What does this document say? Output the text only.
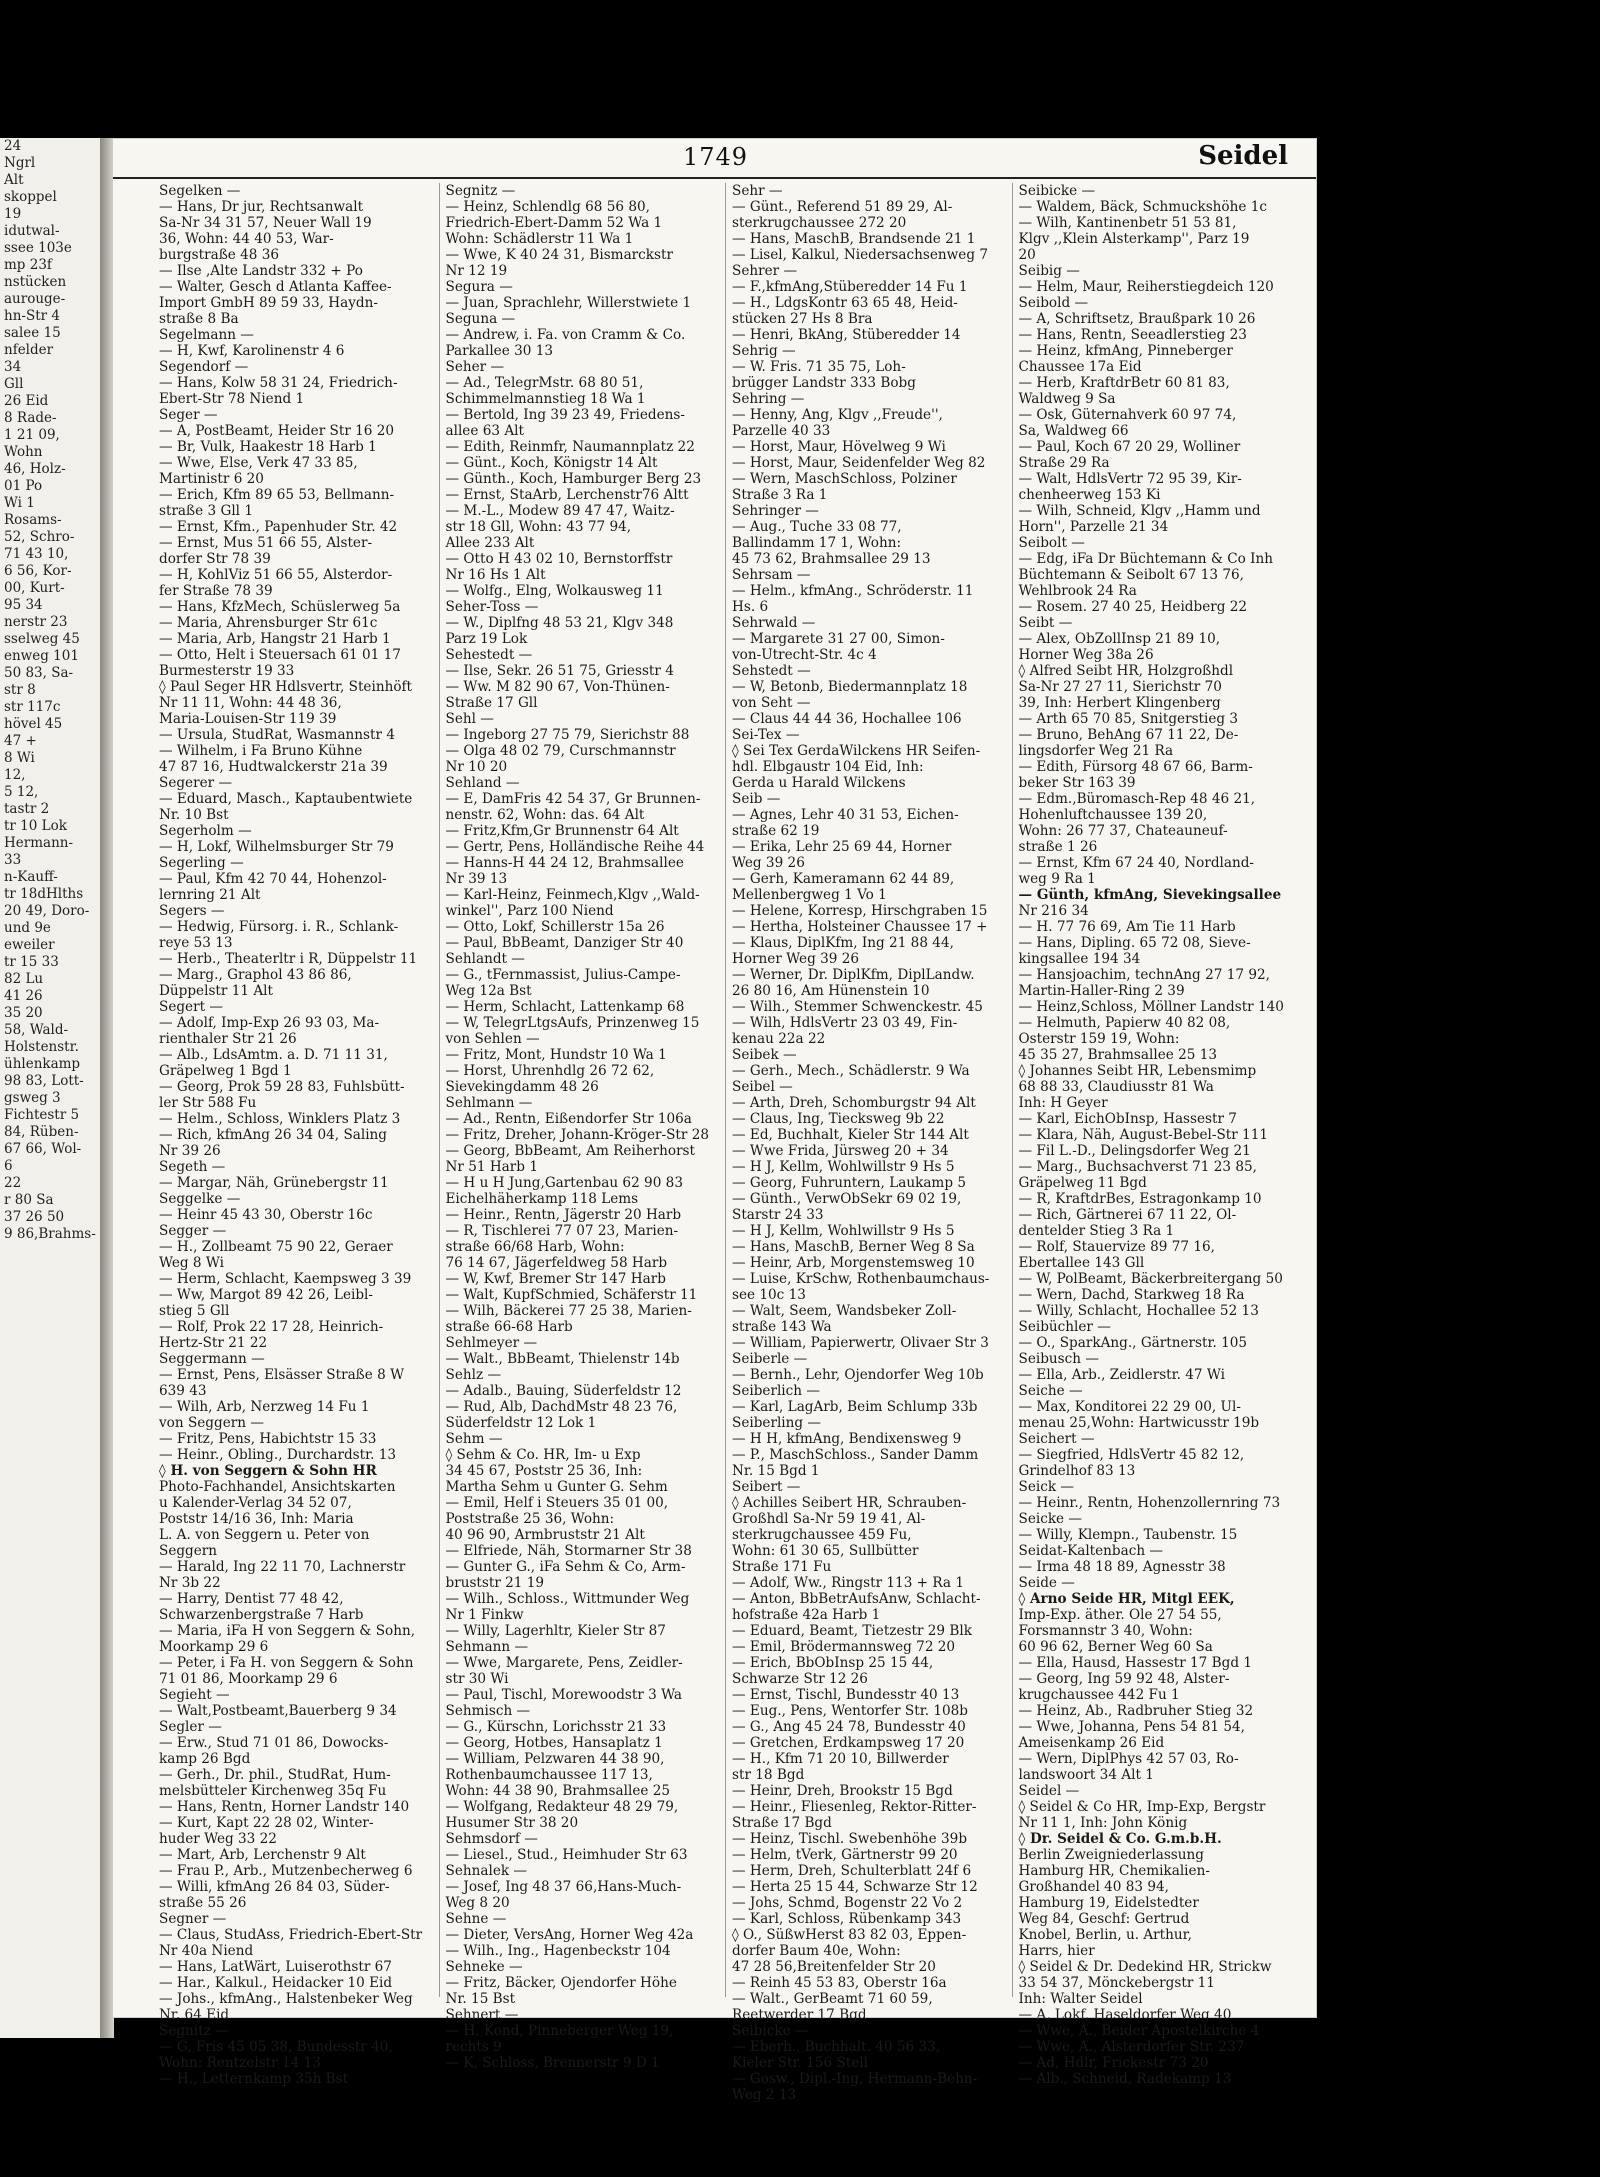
24
Ngrl
Alt
skoppel
19
idutwal-
ssee 103e
mp 23f
nstücken
aurouge-
hn-Str 4
salee 15
nfelder
34
Gll
26 Eid
8 Rade-
1 21 09,
Wohn
46, Holz-
01 Po
Wi 1
Rosams-
52, Schro-
71 43 10,
6 56, Kor-
00, Kurt-
95 34
nerstr 23
sselweg 45
enweg 101
50 83, Sa-
str 8
str 117c
hövel 45
47 +
8 Wi
12,
5 12,
tastr 2
tr 10 Lok
Hermann-
33
n-Kauff-
tr 18dHlths
20 49, Doro-
und 9e
eweiler
tr 15 33
82 Lu
41 26
35 20
58, Wald-
Holstenstr.
ühlenkamp
98 83, Lott-
gsweg 3
Fichtestr 5
84, Rüben-
67 66, Wol-
6
22
r 80 Sa
37 26 50
9 86,Brahms-
1749	Seidel
Segelken —
— Hans, Dr jur, Rechtsanwalt
Sa-Nr 34 31 57, Neuer Wall 19
36, Wohn: 44 40 53, War-
burgstraße 48 36
— Ilse ,Alte Landstr 332 + Po
— Walter, Gesch d Atlanta Kaffee-
Import GmbH 89 59 33, Haydn-
straße 8 Ba
Segelmann —
— H, Kwf, Karolinenstr 4 6
Segendorf —
— Hans, Kolw 58 31 24, Friedrich-
Ebert-Str 78 Niend 1
Seger —
— A, PostBeamt, Heider Str 16 20
— Br, Vulk, Haakestr 18 Harb 1
— Wwe, Else, Verk 47 33 85,
Martinistr 6 20
— Erich, Kfm 89 65 53, Bellmann-
straße 3 Gll 1
— Ernst, Kfm., Papenhuder Str. 42
— Ernst, Mus 51 66 55, Alster-
dorfer Str 78 39
— H, KohlViz 51 66 55, Alsterdor-
fer Straße 78 39
— Hans, KfzMech, Schüslerweg 5a
— Maria, Ahrensburger Str 61c
— Maria, Arb, Hangstr 21 Harb 1
— Otto, Helt i Steuersach 61 01 17
Burmesterstr 19 33
◊ Paul Seger HR Hdlsvertr, Steinhöft
Nr 11 11, Wohn: 44 48 36,
Maria-Louisen-Str 119 39
— Ursula, StudRat, Wasmannstr 4
— Wilhelm, i Fa Bruno Kühne
47 87 16, Hudtwalckerstr 21a 39
Segerer —
— Eduard, Masch., Kaptaubentwiete
Nr. 10 Bst
Segerholm —
— H, Lokf, Wilhelmsburger Str 79
Segerling —
— Paul, Kfm 42 70 44, Hohenzol-
lernring 21 Alt
Segers —
— Hedwig, Fürsorg. i. R., Schlank-
reye 53 13
— Herb., Theaterltr i R, Düppelstr 11
— Marg., Graphol 43 86 86,
Düppelstr 11 Alt
Segert —
— Adolf, Imp-Exp 26 93 03, Ma-
rienthaler Str 21 26
— Alb., LdsAmtm. a. D. 71 11 31,
Gräpelweg 1 Bgd 1
— Georg, Prok 59 28 83, Fuhlsbütt-
ler Str 588 Fu
— Helm., Schloss, Winklers Platz 3
— Rich, kfmAng 26 34 04, Saling
Nr 39 26
Segeth —
— Margar, Näh, Grünebergstr 11
Seggelke —
— Heinr 45 43 30, Oberstr 16c
Segger —
— H., Zollbeamt 75 90 22, Geraer
Weg 8 Wi
— Herm, Schlacht, Kaempsweg 3 39
— Ww, Margot 89 42 26, Leibl-
stieg 5 Gll
— Rolf, Prok 22 17 28, Heinrich-
Hertz-Str 21 22
Seggermann —
— Ernst, Pens, Elsässer Straße 8 W
639 43
— Wilh, Arb, Nerzweg 14 Fu 1
von Seggern —
— Fritz, Pens, Habichtstr 15 33
— Heinr., Obling., Durchardstr. 13
◊ H. von Seggern & Sohn HR
Photo-Fachhandel, Ansichtskarten
u Kalender-Verlag 34 52 07,
Poststr 14/16 36, Inh: Maria
L. A. von Seggern u. Peter von
Seggern
— Harald, Ing 22 11 70, Lachnerstr
Nr 3b 22
— Harry, Dentist 77 48 42,
Schwarzenbergstraße 7 Harb
— Maria, iFa H von Seggern & Sohn,
Moorkamp 29 6
— Peter, i Fa H. von Seggern & Sohn
71 01 86, Moorkamp 29 6
Segieht —
— Walt,Postbeamt,Bauerberg 9 34
Segler —
— Erw., Stud 71 01 86, Dowocks-
kamp 26 Bgd
— Gerh., Dr. phil., StudRat, Hum-
melsbütteler Kirchenweg 35q Fu
— Hans, Rentn, Horner Landstr 140
— Kurt, Kapt 22 28 02, Winter-
huder Weg 33 22
— Mart, Arb, Lerchenstr 9 Alt
— Frau P., Arb., Mutzenbecherweg 6
— Willi, kfmAng 26 84 03, Süder-
straße 55 26
Segner —
— Claus, StudAss, Friedrich-Ebert-Str
Nr 40a Niend
— Hans, LatWärt, Luiserothstr 67
— Har., Kalkul., Heidacker 10 Eid
— Johs., kfmAng., Halstenbeker Weg
Nr. 64 Eid
Segnitz —
— G, Fris 45 05 38, Bundesstr 40,
Wohn: Rentzelstr 14 13
— H., Letternkamp 35h Bst
Segnitz —
— Heinz, Schlendlg 68 56 80,
Friedrich-Ebert-Damm 52 Wa 1
Wohn: Schädlerstr 11 Wa 1
— Wwe, K 40 24 31, Bismarckstr
Nr 12 19
Segura —
— Juan, Sprachlehr, Willerstwiete 1
Seguna —
— Andrew, i. Fa. von Cramm & Co.
Parkallee 30 13
Seher —
— Ad., TelegrMstr. 68 80 51,
Schimmelmannstieg 18 Wa 1
— Bertold, Ing 39 23 49, Friedens-
allee 63 Alt
— Edith, Reinmfr, Naumannplatz 22
— Günt., Koch, Königstr 14 Alt
— Günth., Koch, Hamburger Berg 23
— Ernst, StaArb, Lerchenstr76 Altt
— M.-L., Modew 89 47 47, Waitz-
str 18 Gll, Wohn: 43 77 94,
Allee 233 Alt
— Otto H 43 02 10, Bernstorffstr
Nr 16 Hs 1 Alt
— Wolfg., Elng, Wolkausweg 11
Seher-Toss —
— W., Diplfng 48 53 21, Klgv 348
Parz 19 Lok
Sehestedt —
— Ilse, Sekr. 26 51 75, Griesstr 4
— Ww. M 82 90 67, Von-Thünen-
Straße 17 Gll
Sehl —
— Ingeborg 27 75 79, Sierichstr 88
— Olga 48 02 79, Curschmannstr
Nr 10 20
Sehland —
— E, DamFris 42 54 37, Gr Brunnen-
nenstr. 62, Wohn: das. 64 Alt
— Fritz,Kfm,Gr Brunnenstr 64 Alt
— Gertr, Pens, Holländische Reihe 44
— Hanns-H 44 24 12, Brahmsallee
Nr 39 13
— Karl-Heinz, Feinmech,Klgv ,,Wald-
winkel'', Parz 100 Niend
— Otto, Lokf, Schillerstr 15a 26
— Paul, BbBeamt, Danziger Str 40
Sehlandt —
— G., tFernmassist, Julius-Campe-
Weg 12a Bst
— Herm, Schlacht, Lattenkamp 68
— W, TelegrLtgsAufs, Prinzenweg 15
von Sehlen —
— Fritz, Mont, Hundstr 10 Wa 1
— Horst, Uhrenhdlg 26 72 62,
Sievekingdamm 48 26
Sehlmann —
— Ad., Rentn, Eißendorfer Str 106a
— Fritz, Dreher, Johann-Kröger-Str 28
— Georg, BbBeamt, Am Reiherhorst
Nr 51 Harb 1
— H u H Jung,Gartenbau 62 90 83
Eichelhäherkamp 118 Lems
— Heinr., Rentn, Jägerstr 20 Harb
— R, Tischlerei 77 07 23, Marien-
straße 66/68 Harb, Wohn:
76 14 67, Jägerfeldweg 58 Harb
— W, Kwf, Bremer Str 147 Harb
— Walt, KupfSchmied, Schäferstr 11
— Wilh, Bäckerei 77 25 38, Marien-
straße 66-68 Harb
Sehlmeyer —
— Walt., BbBeamt, Thielenstr 14b
Sehlz —
— Adalb., Bauing, Süderfeldstr 12
— Rud, Alb, DachdMstr 48 23 76,
Süderfeldstr 12 Lok 1
Sehm —
◊ Sehm & Co. HR, Im- u Exp
34 45 67, Poststr 25 36, Inh:
Martha Sehm u Gunter G. Sehm
— Emil, Helf i Steuers 35 01 00,
Poststraße 25 36, Wohn:
40 96 90, Armbruststr 21 Alt
— Elfriede, Näh, Stormarner Str 38
— Gunter G., iFa Sehm & Co, Arm-
bruststr 21 19
— Wilh., Schloss., Wittmunder Weg
Nr 1 Finkw
— Willy, Lagerhltr, Kieler Str 87
Sehmann —
— Wwe, Margarete, Pens, Zeidler-
str 30 Wi
— Paul, Tischl, Morewoodstr 3 Wa
Sehmisch —
— G., Kürschn, Lorichsstr 21 33
— Georg, Hotbes, Hansaplatz 1
— William, Pelzwaren 44 38 90,
Rothenbaumchaussee 117 13,
Wohn: 44 38 90, Brahmsallee 25
— Wolfgang, Redakteur 48 29 79,
Husumer Str 38 20
Sehmsdorf —
— Liesel., Stud., Heimhuder Str 63
Sehnalek —
— Josef, Ing 48 37 66,Hans-Much-
Weg 8 20
Sehne —
— Dieter, VersAng, Horner Weg 42a
— Wilh., Ing., Hagenbeckstr 104
Sehneke —
— Fritz, Bäcker, Ojendorfer Höhe
Nr. 15 Bst
Sehnert —
— H, Kond, Pinneberger Weg 19,
rechts 9
— K, Schloss, Brennerstr 9 D 1
Sehr —
— Günt., Referend 51 89 29, Al-
sterkrugchaussee 272 20
— Hans, MaschB, Brandsende 21 1
— Lisel, Kalkul, Niedersachsenweg 7
Sehrer —
— F.,kfmAng,Stüberedder 14 Fu 1
— H., LdgsKontr 63 65 48, Heid-
stücken 27 Hs 8 Bra
— Henri, BkAng, Stüberedder 14
Sehrig —
— W. Fris. 71 35 75, Loh-
brügger Landstr 333 Bobg
Sehring —
— Henny, Ang, Klgv ,,Freude'',
Parzelle 40 33
— Horst, Maur, Hövelweg 9 Wi
— Horst, Maur, Seidenfelder Weg 82
— Wern, MaschSchloss, Polziner
Straße 3 Ra 1
Sehringer —
— Aug., Tuche 33 08 77,
Ballindamm 17 1, Wohn:
45 73 62, Brahmsallee 29 13
Sehrsam —
— Helm., kfmAng., Schröderstr. 11
Hs. 6
Sehrwald —
— Margarete 31 27 00, Simon-
von-Utrecht-Str. 4c 4
Sehstedt —
— W, Betonb, Biedermannplatz 18
von Seht —
— Claus 44 44 36, Hochallee 106
Sei-Tex —
◊ Sei Tex GerdaWilckens HR Seifen-
hdl. Elbgaustr 104 Eid, Inh:
Gerda u Harald Wilckens
Seib —
— Agnes, Lehr 40 31 53, Eichen-
straße 62 19
— Erika, Lehr 25 69 44, Horner
Weg 39 26
— Gerh, Kameramann 62 44 89,
Mellenbergweg 1 Vo 1
— Helene, Korresp, Hirschgraben 15
— Hertha, Holsteiner Chaussee 17 +
— Klaus, DiplKfm, Ing 21 88 44,
Horner Weg 39 26
— Werner, Dr. DiplKfm, DiplLandw.
26 80 16, Am Hünenstein 10
— Wilh., Stemmer Schwenckestr. 45
— Wilh, HdlsVertr 23 03 49, Fin-
kenau 22a 22
Seibek —
— Gerh., Mech., Schädlerstr. 9 Wa
Seibel —
— Arth, Dreh, Schomburgstr 94 Alt
— Claus, Ing, Tiecksweg 9b 22
— Ed, Buchhalt, Kieler Str 144 Alt
— Wwe Frida, Jürsweg 20 + 34
— H J, Kellm, Wohlwillstr 9 Hs 5
— Georg, Fuhruntern, Laukamp 5
— Günth., VerwObSekr 69 02 19,
Starstr 24 33
— H J, Kellm, Wohlwillstr 9 Hs 5
— Hans, MaschB, Berner Weg 8 Sa
— Heinr, Arb, Morgenstemsweg 10
— Luise, KrSchw, Rothenbaumchaus-
see 10c 13
— Walt, Seem, Wandsbeker Zoll-
straße 143 Wa
— William, Papierwertr, Olivaer Str 3
Seiberle —
— Bernh., Lehr, Ojendorfer Weg 10b
Seiberlich —
— Karl, LagArb, Beim Schlump 33b
Seiberling —
— H H, kfmAng, Bendixensweg 9
— P., MaschSchloss., Sander Damm
Nr. 15 Bgd 1
Seibert —
◊ Achilles Seibert HR, Schrauben-
Großhdl Sa-Nr 59 19 41, Al-
sterkrugchaussee 459 Fu,
Wohn: 61 30 65, Sullbütter
Straße 171 Fu
— Adolf, Ww., Ringstr 113 + Ra 1
— Anton, BbBetrAufsAnw, Schlacht-
hofstraße 42a Harb 1
— Eduard, Beamt, Tietzestr 29 Blk
— Emil, Brödermannsweg 72 20
— Erich, BbObInsp 25 15 44,
Schwarze Str 12 26
— Ernst, Tischl, Bundesstr 40 13
— Eug., Pens, Wentorfer Str. 108b
— G., Ang 45 24 78, Bundesstr 40
— Gretchen, Erdkampsweg 17 20
— H., Kfm 71 20 10, Billwerder
str 18 Bgd
— Heinr, Dreh, Brookstr 15 Bgd
— Heinr., Fliesenleg, Rektor-Ritter-
Straße 17 Bgd
— Heinz, Tischl. Swebenhöhe 39b
— Helm, tVerk, Gärtnerstr 99 20
— Herm, Dreh, Schulterblatt 24f 6
— Herta 25 15 44, Schwarze Str 12
— Johs, Schmd, Bogenstr 22 Vo 2
— Karl, Schloss, Rübenkamp 343
◊ O., SüßwHerst 83 82 03, Eppen-
dorfer Baum 40e, Wohn:
47 28 56,Breitenfelder Str 20
— Reinh 45 53 83, Oberstr 16a
— Walt., GerBeamt 71 60 59,
Reetwerder 17 Bgd
Seibicke —
— Eberh., Buchhalt. 40 56 33,
Kieler Str. 156 Stell
— Gosw., Dipl.-Ing, Hermann-Behn-
Weg 2 13
Seibicke —
— Waldem, Bäck, Schmuckshöhe 1c
— Wilh, Kantinenbetr 51 53 81,
Klgv ,,Klein Alsterkamp'', Parz 19
20
Seibig —
— Helm, Maur, Reiherstiegdeich 120
Seibold —
— A, Schriftsetz, Braußpark 10 26
— Hans, Rentn, Seeadlerstieg 23
— Heinz, kfmAng, Pinneberger
Chaussee 17a Eid
— Herb, KraftdrBetr 60 81 83,
Waldweg 9 Sa
— Osk, Güternahverk 60 97 74,
Sa, Waldweg 66
— Paul, Koch 67 20 29, Wolliner
Straße 29 Ra
— Walt, HdlsVertr 72 95 39, Kir-
chenheerweg 153 Ki
— Wilh, Schneid, Klgv ,,Hamm und
Horn'', Parzelle 21 34
Seibolt —
— Edg, iFa Dr Büchtemann & Co Inh
Büchtemann & Seibolt 67 13 76,
Wehlbrook 24 Ra
— Rosem. 27 40 25, Heidberg 22
Seibt —
— Alex, ObZollInsp 21 89 10,
Horner Weg 38a 26
◊ Alfred Seibt HR, Holzgroßhdl
Sa-Nr 27 27 11, Sierichstr 70
39, Inh: Herbert Klingenberg
— Arth 65 70 85, Snitgerstieg 3
— Bruno, BehAng 67 11 22, De-
lingsdorfer Weg 21 Ra
— Edith, Fürsorg 48 67 66, Barm-
beker Str 163 39
— Edm.,Büromasch-Rep 48 46 21,
Hohenluftchaussee 139 20,
Wohn: 26 77 37, Chateauneuf-
straße 1 26
— Ernst, Kfm 67 24 40, Nordland-
weg 9 Ra 1
— Günth, kfmAng, Sievekingsallee
Nr 216 34
— H. 77 76 69, Am Tie 11 Harb
— Hans, Dipling. 65 72 08, Sieve-
kingsallee 194 34
— Hansjoachim, technAng 27 17 92,
Martin-Haller-Ring 2 39
— Heinz,Schloss, Möllner Landstr 140
— Helmuth, Papierw 40 82 08,
Osterstr 159 19, Wohn:
45 35 27, Brahmsallee 25 13
◊ Johannes Seibt HR, Lebensmimp
68 88 33, Claudiusstr 81 Wa
Inh: H Geyer
— Karl, EichObInsp, Hassestr 7
— Klara, Näh, August-Bebel-Str 111
— Fil L.-D., Delingsdorfer Weg 21
— Marg., Buchsachverst 71 23 85,
Gräpelweg 11 Bgd
— R, KraftdrBes, Estragonkamp 10
— Rich, Gärtnerei 67 11 22, Ol-
dentelder Stieg 3 Ra 1
— Rolf, Stauervize 89 77 16,
Ebertallee 143 Gll
— W, PolBeamt, Bäckerbreitergang 50
— Wern, Dachd, Starkweg 18 Ra
— Willy, Schlacht, Hochallee 52 13
Seibüchler —
— O., SparkAng., Gärtnerstr. 105
Seibusch —
— Ella, Arb., Zeidlerstr. 47 Wi
Seiche —
— Max, Konditorei 22 29 00, Ul-
menau 25,Wohn: Hartwicusstr 19b
Seichert —
— Siegfried, HdlsVertr 45 82 12,
Grindelhof 83 13
Seick —
— Heinr., Rentn, Hohenzollernring 73
Seicke —
— Willy, Klempn., Taubenstr. 15
Seidat-Kaltenbach —
— Irma 48 18 89, Agnesstr 38
Seide —
◊ Arno Seide HR, Mitgl EEK,
Imp-Exp. äther. Ole 27 54 55,
Forsmannstr 3 40, Wohn:
60 96 62, Berner Weg 60 Sa
— Ella, Hausd, Hassestr 17 Bgd 1
— Georg, Ing 59 92 48, Alster-
krugchaussee 442 Fu 1
— Heinz, Ab., Radbruher Stieg 32
— Wwe, Johanna, Pens 54 81 54,
Ameisenkamp 26 Eid
— Wern, DiplPhys 42 57 03, Ro-
landswoort 34 Alt 1
Seidel —
◊ Seidel & Co HR, Imp-Exp, Bergstr
Nr 11 1, Inh: John König
◊ Dr. Seidel & Co. G.m.b.H.
Berlin Zweigniederlassung
Hamburg HR, Chemikalien-
Großhandel 40 83 94,
Hamburg 19, Eidelstedter
Weg 84, Geschf: Gertrud
Knobel, Berlin, u. Arthur,
Harrs, hier
◊ Seidel & Dr. Dedekind HR, Strickw
33 54 37, Mönckebergstr 11
Inh: Walter Seidel
— A, Lokf, Haseldorfer Weg 40
— Wwe, A., Beider Apostelkirche 4
— Wwe, A., Alsterdorfer Str. 237
— Ad, Hdlr, Frickestr 73 20
— Alb., Schneid, Radekamp 13
